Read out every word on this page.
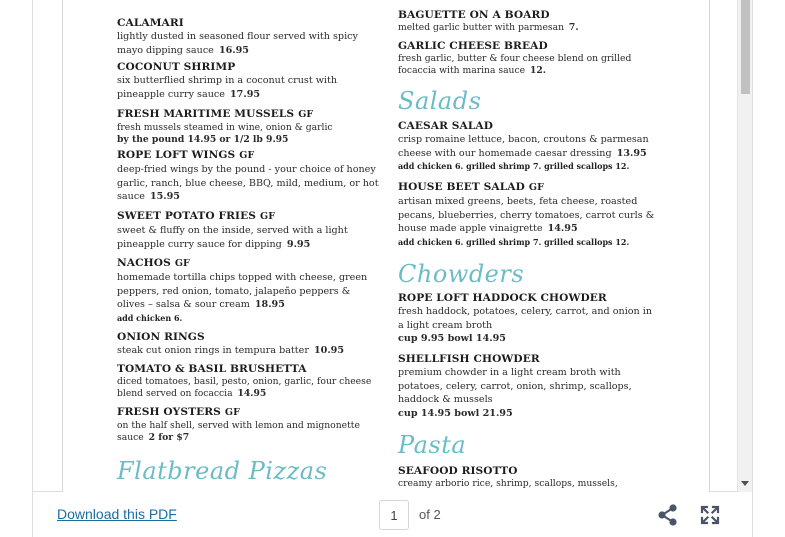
CALAMARI
lightly dusted in seasoned flour served with spicy mayo dipping sauce 16.95
COCONUT SHRIMP
six butterflied shrimp in a coconut crust with pineapple curry sauce 17.95
FRESH MARITIME MUSSELS GF
fresh mussels steamed in wine, onion & garlic
by the pound 14.95 or 1/2 lb 9.95
ROPE LOFT WINGS GF
deep-fried wings by the pound - your choice of honey garlic, ranch, blue cheese, BBQ, mild, medium, or hot sauce 15.95
SWEET POTATO FRIES GF
sweet & fluffy on the inside, served with a light pineapple curry sauce for dipping 9.95
NACHOS GF
homemade tortilla chips topped with cheese, green peppers, red onion, tomato, jalapeño peppers & olives – salsa & sour cream 18.95
add chicken 6.
ONION RINGS
steak cut onion rings in tempura batter 10.95
TOMATO & BASIL BRUSHETTA
diced tomatoes, basil, pesto, onion, garlic, four cheese blend served on focaccia 14.95
FRESH OYSTERS GF
on the half shell, served with lemon and mignonette sauce 2 for $7
Flatbread Pizzas
BAGUETTE ON A BOARD
melted garlic butter with parmesan 7.
GARLIC CHEESE BREAD
fresh garlic, butter & four cheese blend on grilled focaccia with marina sauce 12.
Salads
CAESAR SALAD
crisp romaine lettuce, bacon, croutons & parmesan cheese with our homemade caesar dressing 13.95
add chicken 6. grilled shrimp 7. grilled scallops 12.
HOUSE BEET SALAD GF
artisan mixed greens, beets, feta cheese, roasted pecans, blueberries, cherry tomatoes, carrot curls & house made apple vinaigrette 14.95
add chicken 6. grilled shrimp 7. grilled scallops 12.
Chowders
ROPE LOFT HADDOCK CHOWDER
fresh haddock, potatoes, celery, carrot, and onion in a light cream broth
cup 9.95 bowl 14.95
SHELLFISH CHOWDER
premium chowder in a light cream broth with potatoes, celery, carrot, onion, shrimp, scallops, haddock & mussels
cup 14.95 bowl 21.95
Pasta
SEAFOOD RISOTTO
creamy arborio rice, shrimp, scallops, mussels,
Download this PDF
1	of 2
